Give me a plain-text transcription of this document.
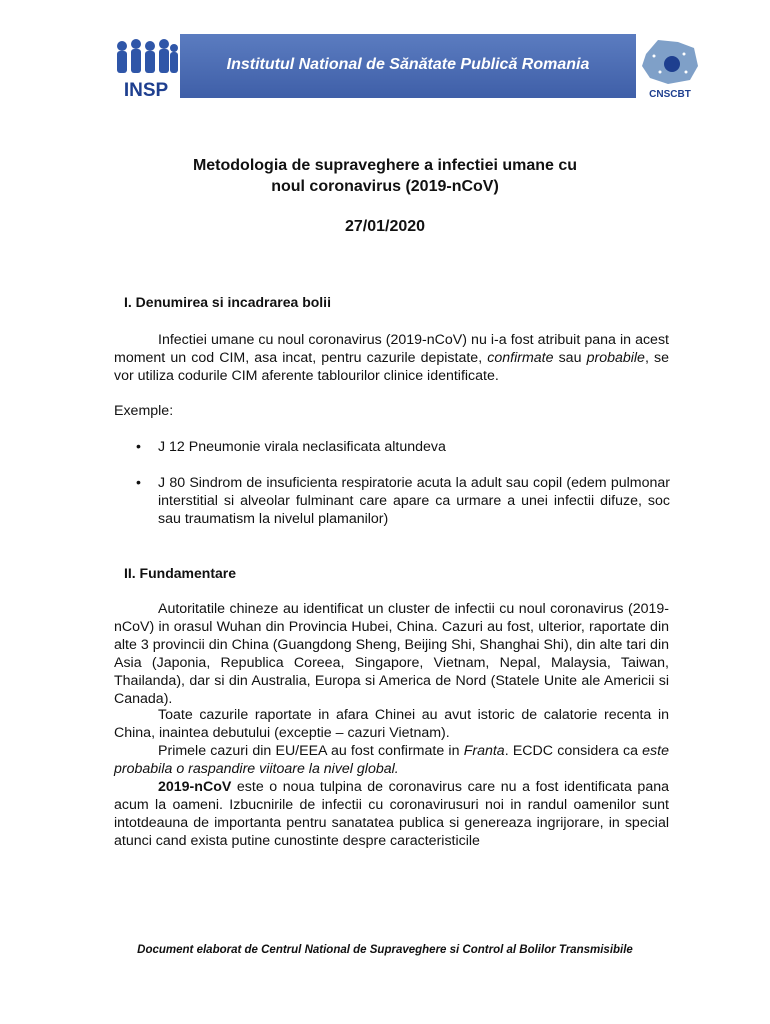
INSP
Institutul National de Sănătate Publică Romania
CNSCBT
Metodologia de supraveghere a infectiei umane cu
noul coronavirus (2019-nCoV)
27/01/2020
I. Denumirea si incadrarea bolii
Infectiei umane cu noul coronavirus (2019-nCoV) nu i-a fost atribuit pana in acest moment un cod CIM, asa incat, pentru cazurile depistate, confirmate sau probabile, se vor utiliza codurile CIM aferente tablourilor clinice identificate.
Exemple:
• J 12 Pneumonie virala neclasificata altundeva
• J 80 Sindrom de insuficienta respiratorie acuta la adult sau copil (edem pulmonar interstitial si alveolar fulminant care apare ca urmare a unei infectii difuze, soc sau traumatism la nivelul plamanilor)
II. Fundamentare
Autoritatile chineze au identificat un cluster de infectii cu noul coronavirus (2019-nCoV) in orasul Wuhan din Provincia Hubei, China. Cazuri au fost, ulterior, raportate din alte 3 provincii din China (Guangdong Sheng, Beijing Shi, Shanghai Shi), din alte tari din Asia (Japonia, Republica Coreea, Singapore, Vietnam, Nepal, Malaysia, Taiwan, Thailanda), dar si din Australia, Europa si America de Nord (Statele Unite ale Americii si Canada).
Toate cazurile raportate in afara Chinei au avut istoric de calatorie recenta in China, inaintea debutului (exceptie – cazuri Vietnam).
Primele cazuri din EU/EEA au fost confirmate in Franta. ECDC considera ca este probabila o raspandire viitoare la nivel global.
2019-nCoV este o noua tulpina de coronavirus care nu a fost identificata pana acum la oameni. Izbucnirile de infectii cu coronavirusuri noi in randul oamenilor sunt intotdeauna de importanta pentru sanatatea publica si genereaza ingrijorare, in special atunci cand exista putine cunostinte despre caracteristicile
Document elaborat de Centrul National de Supraveghere si Control al Bolilor Transmisibile
